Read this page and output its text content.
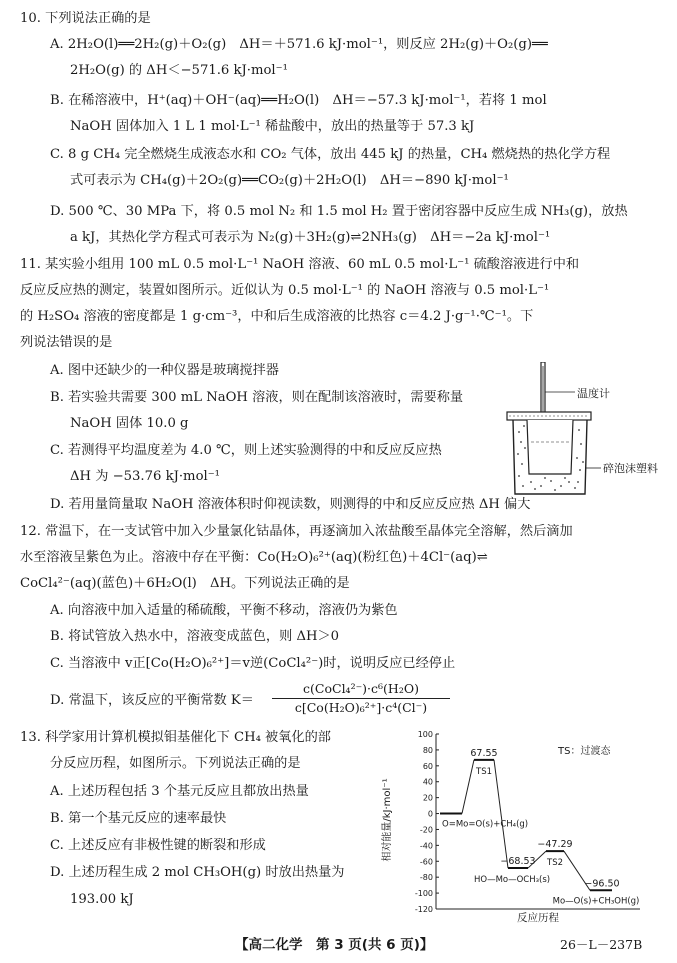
10. 下列说法正确的是
A. 2H₂O(l)══2H₂(g)＋O₂(g)　ΔH＝＋571.6 kJ·mol⁻¹，则反应 2H₂(g)＋O₂(g)══
2H₂O(g) 的 ΔH＜−571.6 kJ·mol⁻¹
B. 在稀溶液中，H⁺(aq)＋OH⁻(aq)══H₂O(l)　ΔH＝−57.3 kJ·mol⁻¹，若将 1 mol
NaOH 固体加入 1 L 1 mol·L⁻¹ 稀盐酸中，放出的热量等于 57.3 kJ
C. 8 g CH₄ 完全燃烧生成液态水和 CO₂ 气体，放出 445 kJ 的热量，CH₄ 燃烧热的热化学方程
式可表示为 CH₄(g)＋2O₂(g)══CO₂(g)＋2H₂O(l)　ΔH＝−890 kJ·mol⁻¹
D. 500 ℃、30 MPa 下，将 0.5 mol N₂ 和 1.5 mol H₂ 置于密闭容器中反应生成 NH₃(g)，放热
a kJ，其热化学方程式可表示为 N₂(g)＋3H₂(g)⇌2NH₃(g)　ΔH＝−2a kJ·mol⁻¹
11. 某实验小组用 100 mL 0.5 mol·L⁻¹ NaOH 溶液、60 mL 0.5 mol·L⁻¹ 硫酸溶液进行中和
反应反应热的测定，装置如图所示。近似认为 0.5 mol·L⁻¹ 的 NaOH 溶液与 0.5 mol·L⁻¹
的 H₂SO₄ 溶液的密度都是 1 g·cm⁻³，中和后生成溶液的比热容 c＝4.2 J·g⁻¹·℃⁻¹。下
列说法错误的是
A. 图中还缺少的一种仪器是玻璃搅拌器
B. 若实验共需要 300 mL NaOH 溶液，则在配制该溶液时，需要称量
NaOH 固体 10.0 g
C. 若测得平均温度差为 4.0 ℃，则上述实验测得的中和反应反应热
ΔH 为 −53.76 kJ·mol⁻¹
D. 若用量筒量取 NaOH 溶液体积时仰视读数，则测得的中和反应反应热 ΔH 偏大
温度计
碎泡沫塑料
12. 常温下，在一支试管中加入少量氯化钴晶体，再逐滴加入浓盐酸至晶体完全溶解，然后滴加
水至溶液呈紫色为止。溶液中存在平衡：Co(H₂O)₆²⁺(aq)(粉红色)＋4Cl⁻(aq)⇌
CoCl₄²⁻(aq)(蓝色)＋6H₂O(l)　ΔH。下列说法正确的是
A. 向溶液中加入适量的稀硫酸，平衡不移动，溶液仍为紫色
B. 将试管放入热水中，溶液变成蓝色，则 ΔH＞0
C. 当溶液中 v正[Co(H₂O)₆²⁺]＝v逆(CoCl₄²⁻)时，说明反应已经停止
D. 常温下，该反应的平衡常数 K＝
c(CoCl₄²⁻)·c⁶(H₂O)
c[Co(H₂O)₆²⁺]·c⁴(Cl⁻)
13. 科学家用计算机模拟钼基催化下 CH₄ 被氧化的部
分反应历程，如图所示。下列说法正确的是
A. 上述历程包括 3 个基元反应且都放出热量
B. 第一个基元反应的速率最快
C. 上述反应有非极性键的断裂和形成
D. 上述历程生成 2 mol CH₃OH(g) 时放出热量为
193.00 kJ
100
80
60
40
20
0
-20
-40
-60
-80
-100
-120
O=Mo=O(s)+CH₄(g)
TS1
HO—Mo—OCH₃(s)
TS2
Mo—O(s)+CH₃OH(g)
67.55
−68.53
−47.29
−96.50
相对能量/kJ·mol⁻¹
反应历程
TS：过渡态
【高二化学　第 3 页(共 6 页)】	26－L－237B
